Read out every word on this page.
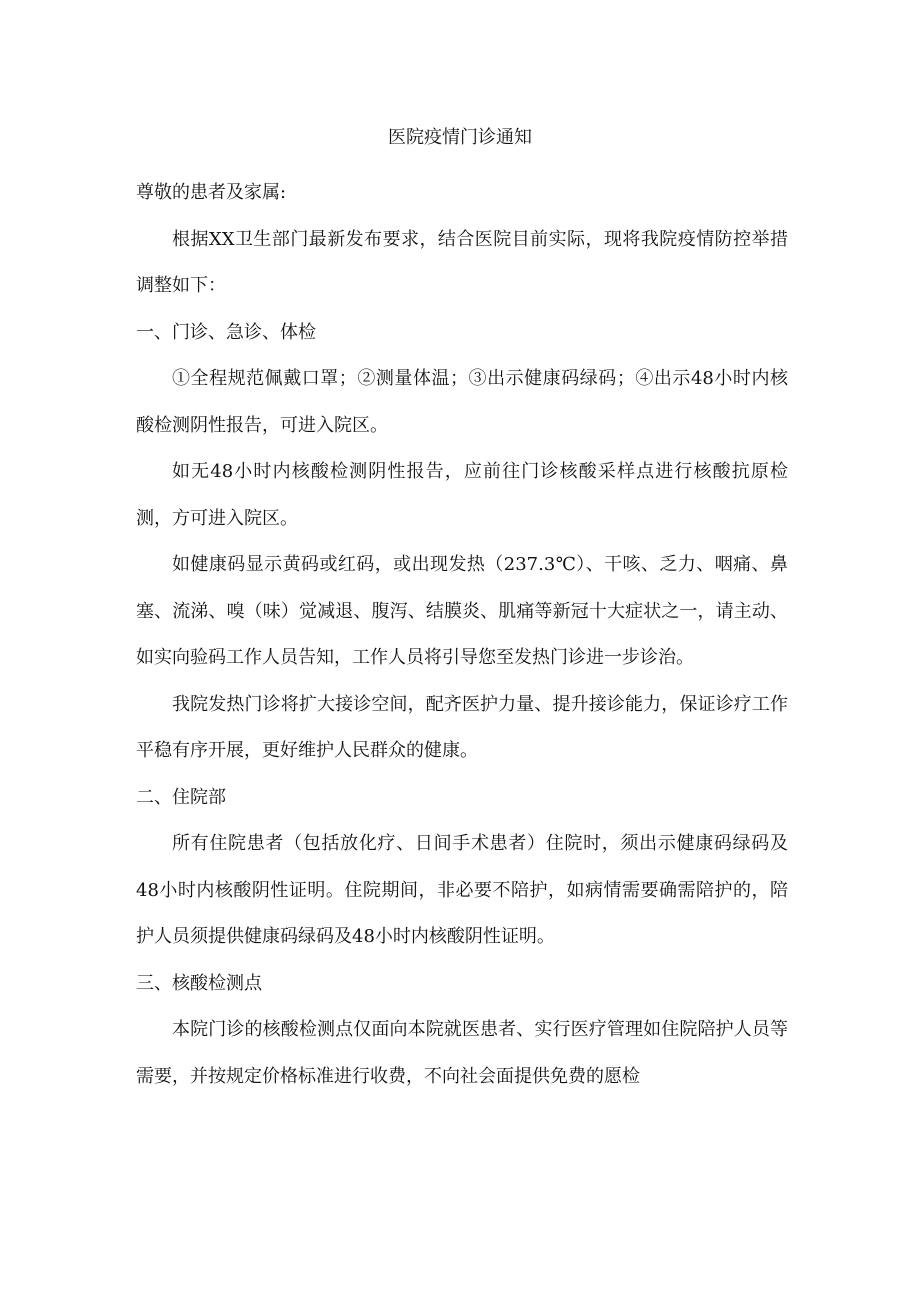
医院疫情门诊通知

尊敬的患者及家属:

根据XX卫生部门最新发布要求，结合医院目前实际，现将我院疫情防控举措调整如下：

一、门诊、急诊、体检

①全程规范佩戴口罩；②测量体温；③出示健康码绿码；④出示48小时内核酸检测阴性报告，可进入院区。

如无48小时内核酸检测阴性报告，应前往门诊核酸采样点进行核酸抗原检测，方可进入院区。

如健康码显示黄码或红码，或出现发热（237.3℃）、干咳、乏力、咽痛、鼻塞、流涕、嗅（味）觉减退、腹泻、结膜炎、肌痛等新冠十大症状之一，请主动、如实向验码工作人员告知，工作人员将引导您至发热门诊进一步诊治。

我院发热门诊将扩大接诊空间，配齐医护力量、提升接诊能力，保证诊疗工作平稳有序开展，更好维护人民群众的健康。

二、住院部

所有住院患者（包括放化疗、日间手术患者）住院时，须出示健康码绿码及48小时内核酸阴性证明。住院期间，非必要不陪护，如病情需要确需陪护的，陪护人员须提供健康码绿码及48小时内核酸阴性证明。

三、核酸检测点

本院门诊的核酸检测点仅面向本院就医患者、实行医疗管理如住院陪护人员等需要，并按规定价格标准进行收费，不向社会面提供免费的愿检
